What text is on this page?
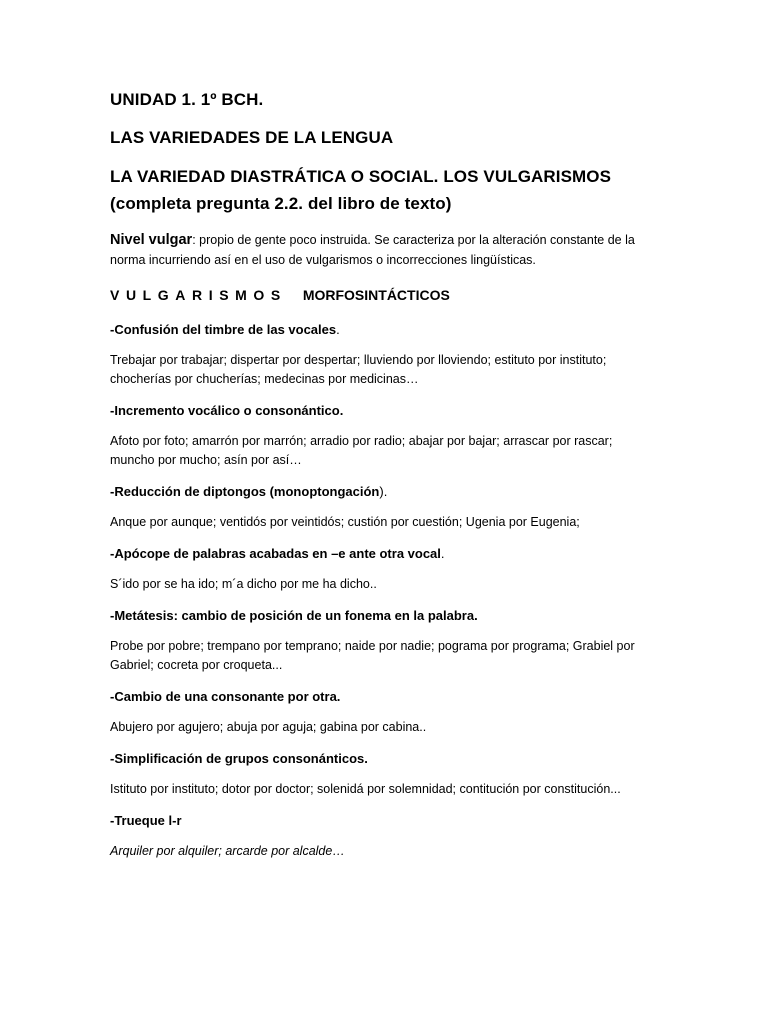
UNIDAD 1. 1º BCH.

LAS VARIEDADES DE LA LENGUA

LA VARIEDAD DIASTRÁTICA O SOCIAL. LOS VULGARISMOS
(completa pregunta 2.2. del libro de texto)

Nivel vulgar: propio de gente poco instruida. Se caracteriza por la alteración constante de la norma incurriendo así en el uso de vulgarismos o incorrecciones lingüísticas.

VULGARISMOS MORFOSINTÁCTICOS

-Confusión del timbre de las vocales.

Trebajar por trabajar; dispertar por despertar; lluviendo por lloviendo; estituto por instituto; chocherías por chucherías; medecinas por medicinas…

-Incremento vocálico o consonántico.

Afoto por foto; amarrón por marrón; arradio por radio; abajar por bajar; arrascar por rascar; muncho por mucho; asín por así…

-Reducción de diptongos (monoptongación).

Anque por aunque; ventidós por veintidós; custión por cuestión; Ugenia por Eugenia;

-Apócope de palabras acabadas en –e ante otra vocal.

S´ido por se ha ido; m´a dicho por me ha dicho..

-Metátesis: cambio de posición de un fonema en la palabra.

Probe por pobre; trempano por temprano; naide por nadie; pograma por programa; Grabiel por Gabriel; cocreta por croqueta...

-Cambio de una consonante por otra.

Abujero por agujero; abuja por aguja; gabina por cabina..

-Simplificación de grupos consonánticos.

Istituto por instituto; dotor por doctor; solenidá por solemnidad; contitución por constitución...

-Trueque l-r

Arquiler por alquiler; arcarde por alcalde…
